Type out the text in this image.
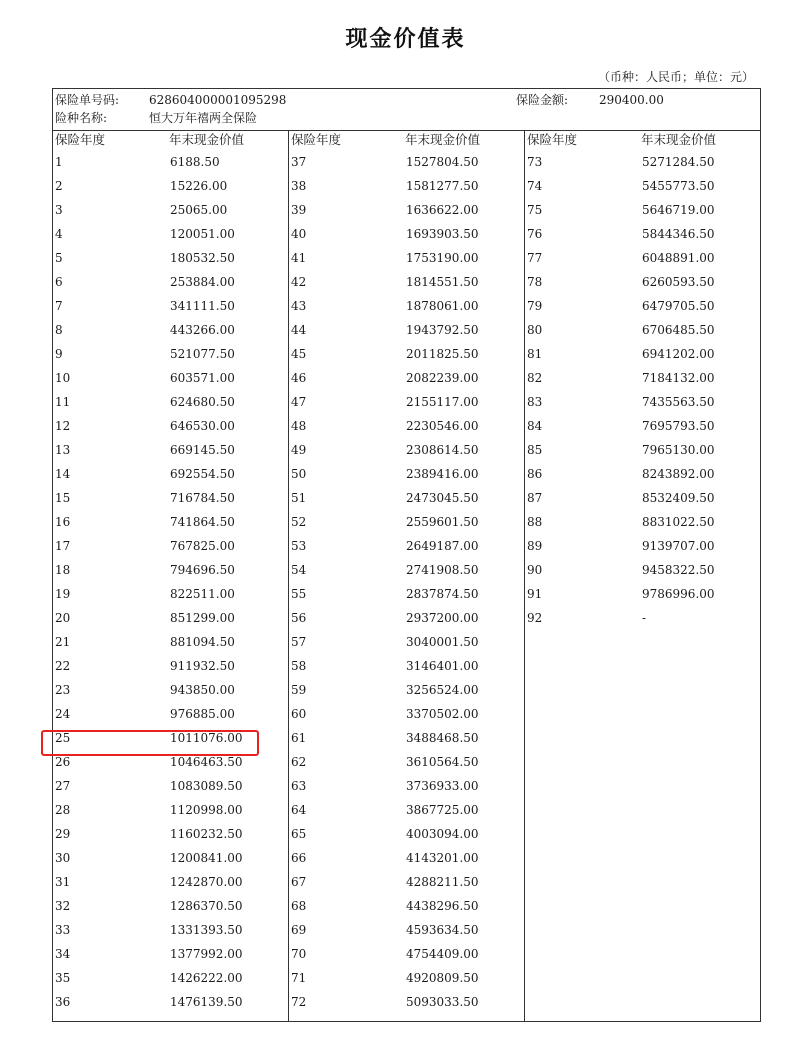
现金价值表
（币种：人民币；单位：元）
保险单号码: 628604000001095298	保险金额:	290400.00
险种名称:	恒大万年禧两全保险
保险年度	年末现金价值
1	6188.50
2	15226.00
3	25065.00
4	120051.00
5	180532.50
6	253884.00
7	341111.50
8	443266.00
9	521077.50
10	603571.00
11	624680.50
12	646530.00
13	669145.50
14	692554.50
15	716784.50
16	741864.50
17	767825.00
18	794696.50
19	822511.00
20	851299.00
21	881094.50
22	911932.50
23	943850.00
24	976885.00
25	1011076.00
26	1046463.50
27	1083089.50
28	1120998.00
29	1160232.50
30	1200841.00
31	1242870.00
32	1286370.50
33	1331393.50
34	1377992.00
35	1426222.00
36	1476139.50
保险年度	年末现金价值
37	1527804.50
38	1581277.50
39	1636622.00
40	1693903.50
41	1753190.00
42	1814551.50
43	1878061.00
44	1943792.50
45	2011825.50
46	2082239.00
47	2155117.00
48	2230546.00
49	2308614.50
50	2389416.00
51	2473045.50
52	2559601.50
53	2649187.00
54	2741908.50
55	2837874.50
56	2937200.00
57	3040001.50
58	3146401.00
59	3256524.00
60	3370502.00
61	3488468.50
62	3610564.50
63	3736933.00
64	3867725.00
65	4003094.00
66	4143201.00
67	4288211.50
68	4438296.50
69	4593634.50
70	4754409.00
71	4920809.50
72	5093033.50
保险年度	年末现金价值
73	5271284.50
74	5455773.50
75	5646719.00
76	5844346.50
77	6048891.00
78	6260593.50
79	6479705.50
80	6706485.50
81	6941202.00
82	7184132.00
83	7435563.50
84	7695793.50
85	7965130.00
86	8243892.00
87	8532409.50
88	8831022.50
89	9139707.00
90	9458322.50
91	9786996.00
92	-
